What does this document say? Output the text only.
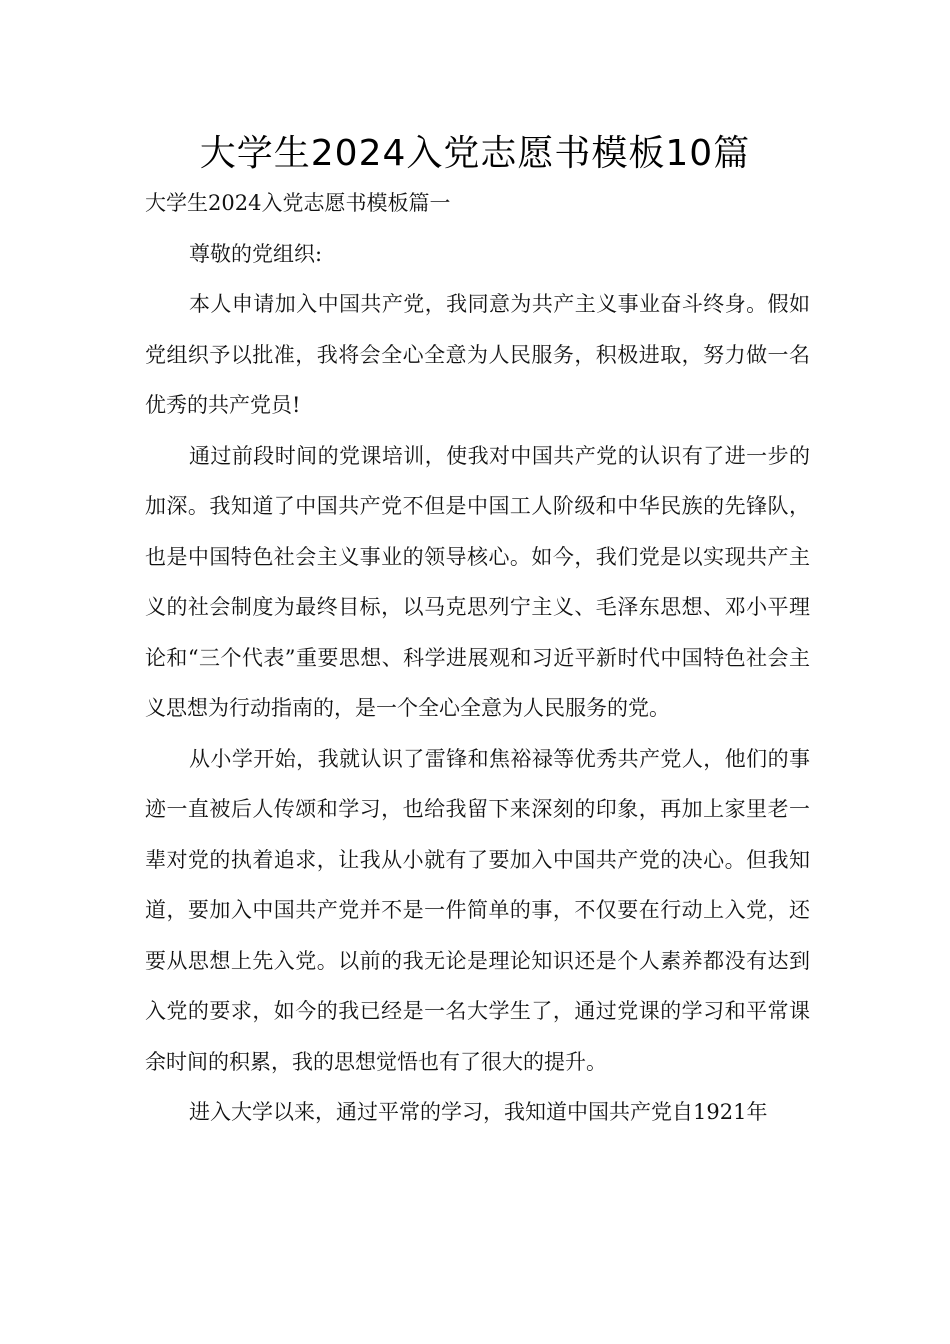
大学生2024入党志愿书模板10篇

大学生2024入党志愿书模板篇一

尊敬的党组织:

本人申请加入中国共产党，我同意为共产主义事业奋斗终身。假如党组织予以批准，我将会全心全意为人民服务，积极进取，努力做一名优秀的共产党员!

通过前段时间的党课培训，使我对中国共产党的认识有了进一步的加深。我知道了中国共产党不但是中国工人阶级和中华民族的先锋队，也是中国特色社会主义事业的领导核心。如今，我们党是以实现共产主义的社会制度为最终目标，以马克思列宁主义、毛泽东思想、邓小平理论和“三个代表”重要思想、科学进展观和习近平新时代中国特色社会主义思想为行动指南的，是一个全心全意为人民服务的党。

从小学开始，我就认识了雷锋和焦裕禄等优秀共产党人，他们的事迹一直被后人传颂和学习，也给我留下来深刻的印象，再加上家里老一辈对党的执着追求，让我从小就有了要加入中国共产党的决心。但我知道，要加入中国共产党并不是一件简单的事，不仅要在行动上入党，还要从思想上先入党。以前的我无论是理论知识还是个人素养都没有达到入党的要求，如今的我已经是一名大学生了，通过党课的学习和平常课余时间的积累，我的思想觉悟也有了很大的提升。

进入大学以来，通过平常的学习，我知道中国共产党自1921年
